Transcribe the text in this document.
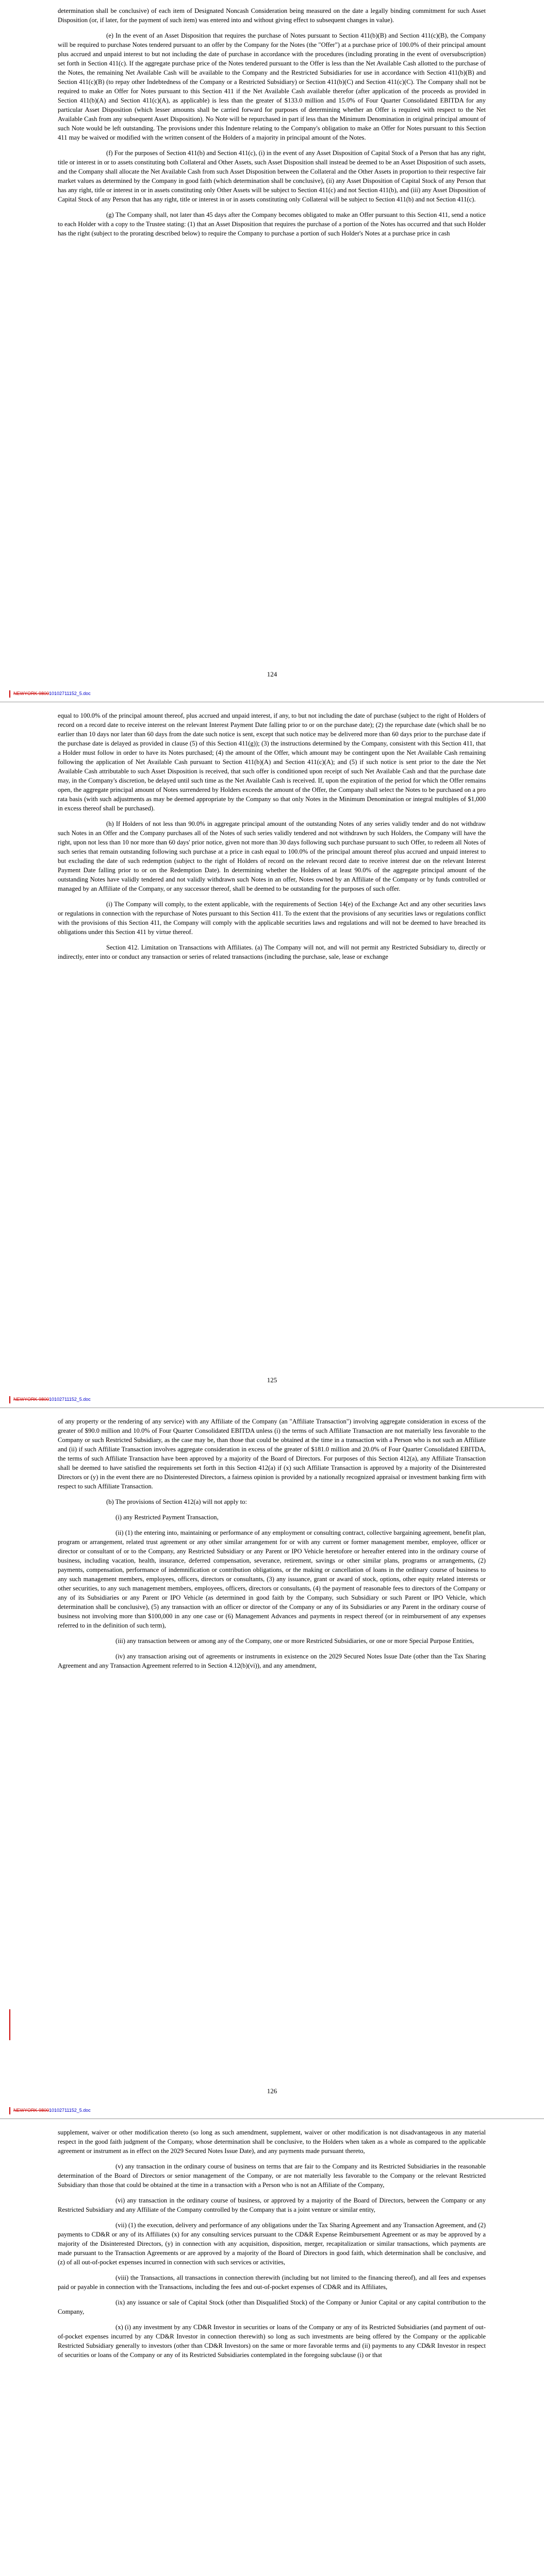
determination shall be conclusive) of each item of Designated Noncash Consideration being measured on the date a legally binding commitment for such Asset Disposition (or, if later, for the payment of such item) was entered into and without giving effect to subsequent changes in value).

(e) In the event of an Asset Disposition that requires the purchase of Notes pursuant to Section 411(b)(B) and Section 411(c)(B), the Company will be required to purchase Notes tendered pursuant to an offer by the Company for the Notes (the "Offer") at a purchase price of 100.0% of their principal amount plus accrued and unpaid interest to but not including the date of purchase in accordance with the procedures (including prorating in the event of oversubscription) set forth in Section 411(c). If the aggregate purchase price of the Notes tendered pursuant to the Offer is less than the Net Available Cash allotted to the purchase of the Notes, the remaining Net Available Cash will be available to the Company and the Restricted Subsidiaries for use in accordance with Section 411(b)(B) and Section 411(c)(B) (to repay other Indebtedness of the Company or a Restricted Subsidiary) or Section 411(b)(C) and Section 411(c)(C). The Company shall not be required to make an Offer for Notes pursuant to this Section 411 if the Net Available Cash available therefor (after application of the proceeds as provided in Section 411(b)(A) and Section 411(c)(A), as applicable) is less than the greater of $133.0 million and 15.0% of Four Quarter Consolidated EBITDA for any particular Asset Disposition (which lesser amounts shall be carried forward for purposes of determining whether an Offer is required with respect to the Net Available Cash from any subsequent Asset Disposition). No Note will be repurchased in part if less than the Minimum Denomination in original principal amount of such Note would be left outstanding. The provisions under this Indenture relating to the Company's obligation to make an Offer for Notes pursuant to this Section 411 may be waived or modified with the written consent of the Holders of a majority in principal amount of the Notes.

(f) For the purposes of Section 411(b) and Section 411(c), (i) in the event of any Asset Disposition of Capital Stock of a Person that has any right, title or interest in or to assets constituting both Collateral and Other Assets, such Asset Disposition shall instead be deemed to be an Asset Disposition of such assets, and the Company shall allocate the Net Available Cash from such Asset Disposition between the Collateral and the Other Assets in proportion to their respective fair market values as determined by the Company in good faith (which determination shall be conclusive), (ii) any Asset Disposition of Capital Stock of any Person that has any right, title or interest in or in assets constituting only Other Assets will be subject to Section 411(c) and not Section 411(b), and (iii) any Asset Disposition of Capital Stock of any Person that has any right, title or interest in or in assets constituting only Collateral will be subject to Section 411(b) and not Section 411(c).

(g) The Company shall, not later than 45 days after the Company becomes obligated to make an Offer pursuant to this Section 411, send a notice to each Holder with a copy to the Trustee stating: (1) that an Asset Disposition that requires the purchase of a portion of the Notes has occurred and that such Holder has the right (subject to the prorating described below) to require the Company to purchase a portion of such Holder's Notes at a purchase price in cash

124
NEWYORK 980010102711152_5.doc

equal to 100.0% of the principal amount thereof, plus accrued and unpaid interest, if any, to but not including the date of purchase (subject to the right of Holders of record on a record date to receive interest on the relevant Interest Payment Date falling prior to or on the purchase date); (2) the repurchase date (which shall be no earlier than 10 days nor later than 60 days from the date such notice is sent, except that such notice may be delivered more than 60 days prior to the purchase date if the purchase date is delayed as provided in clause (5) of this Section 411(g)); (3) the instructions determined by the Company, consistent with this Section 411, that a Holder must follow in order to have its Notes purchased; (4) the amount of the Offer, which amount may be contingent upon the Net Available Cash remaining following the application of Net Available Cash pursuant to Section 411(b)(A) and Section 411(c)(A); and (5) if such notice is sent prior to the date the Net Available Cash attributable to such Asset Disposition is received, that such offer is conditioned upon receipt of such Net Available Cash and that the purchase date may, in the Company's discretion, be delayed until such time as the Net Available Cash is received. If, upon the expiration of the period for which the Offer remains open, the aggregate principal amount of Notes surrendered by Holders exceeds the amount of the Offer, the Company shall select the Notes to be purchased on a pro rata basis (with such adjustments as may be deemed appropriate by the Company so that only Notes in the Minimum Denomination or integral multiples of $1,000 in excess thereof shall be purchased).

(h) If Holders of not less than 90.0% in aggregate principal amount of the outstanding Notes of any series validly tender and do not withdraw such Notes in an Offer and the Company purchases all of the Notes of such series validly tendered and not withdrawn by such Holders, the Company will have the right, upon not less than 10 nor more than 60 days' prior notice, given not more than 30 days following such purchase pursuant to such Offer, to redeem all Notes of such series that remain outstanding following such purchase at a price in cash equal to 100.0% of the principal amount thereof plus accrued and unpaid interest to but excluding the date of such redemption (subject to the right of Holders of record on the relevant record date to receive interest due on the relevant Interest Payment Date falling prior to or on the Redemption Date). In determining whether the Holders of at least 90.0% of the aggregate principal amount of the outstanding Notes have validly tendered and not validly withdrawn such Notes in an offer, Notes owned by an Affiliate of the Company or by funds controlled or managed by an Affiliate of the Company, or any successor thereof, shall be deemed to be outstanding for the purposes of such offer.

(i) The Company will comply, to the extent applicable, with the requirements of Section 14(e) of the Exchange Act and any other securities laws or regulations in connection with the repurchase of Notes pursuant to this Section 411. To the extent that the provisions of any securities laws or regulations conflict with the provisions of this Section 411, the Company will comply with the applicable securities laws and regulations and will not be deemed to have breached its obligations under this Section 411 by virtue thereof.

Section 412. Limitation on Transactions with Affiliates. (a) The Company will not, and will not permit any Restricted Subsidiary to, directly or indirectly, enter into or conduct any transaction or series of related transactions (including the purchase, sale, lease or exchange

125
NEWYORK 980010102711152_5.doc

of any property or the rendering of any service) with any Affiliate of the Company (an "Affiliate Transaction") involving aggregate consideration in excess of the greater of $90.0 million and 10.0% of Four Quarter Consolidated EBITDA unless (i) the terms of such Affiliate Transaction are not materially less favorable to the Company or such Restricted Subsidiary, as the case may be, than those that could be obtained at the time in a transaction with a Person who is not such an Affiliate and (ii) if such Affiliate Transaction involves aggregate consideration in excess of the greater of $181.0 million and 20.0% of Four Quarter Consolidated EBITDA, the terms of such Affiliate Transaction have been approved by a majority of the Board of Directors. For purposes of this Section 412(a), any Affiliate Transaction shall be deemed to have satisfied the requirements set forth in this Section 412(a) if (x) such Affiliate Transaction is approved by a majority of the Disinterested Directors or (y) in the event there are no Disinterested Directors, a fairness opinion is provided by a nationally recognized appraisal or investment banking firm with respect to such Affiliate Transaction.

(b) The provisions of Section 412(a) will not apply to:

(i) any Restricted Payment Transaction,

(ii) (1) the entering into, maintaining or performance of any employment or consulting contract, collective bargaining agreement, benefit plan, program or arrangement, related trust agreement or any other similar arrangement for or with any current or former management member, employee, officer or director or consultant of or to the Company, any Restricted Subsidiary or any Parent or IPO Vehicle heretofore or hereafter entered into in the ordinary course of business, including vacation, health, insurance, deferred compensation, severance, retirement, savings or other similar plans, programs or arrangements, (2) payments, compensation, performance of indemnification or contribution obligations, or the making or cancellation of loans in the ordinary course of business to any such management members, employees, officers, directors or consultants, (3) any issuance, grant or award of stock, options, other equity related interests or other securities, to any such management members, employees, officers, directors or consultants, (4) the payment of reasonable fees to directors of the Company or any of its Subsidiaries or any Parent or IPO Vehicle (as determined in good faith by the Company, such Subsidiary or such Parent or IPO Vehicle, which determination shall be conclusive), (5) any transaction with an officer or director of the Company or any of its Subsidiaries or any Parent in the ordinary course of business not involving more than $100,000 in any one case or (6) Management Advances and payments in respect thereof (or in reimbursement of any expenses referred to in the definition of such term),

(iii) any transaction between or among any of the Company, one or more Restricted Subsidiaries, or one or more Special Purpose Entities,

(iv) any transaction arising out of agreements or instruments in existence on the 2029 Secured Notes Issue Date (other than the Tax Sharing Agreement and any Transaction Agreement referred to in Section 4.12(b)(vi)), and any amendment,

126
NEWYORK 980010102711152_5.doc

supplement, waiver or other modification thereto (so long as such amendment, supplement, waiver or other modification is not disadvantageous in any material respect in the good faith judgment of the Company, whose determination shall be conclusive, to the Holders when taken as a whole as compared to the applicable agreement or instrument as in effect on the 2029 Secured Notes Issue Date), and any payments made pursuant thereto,

(v) any transaction in the ordinary course of business on terms that are fair to the Company and its Restricted Subsidiaries in the reasonable determination of the Board of Directors or senior management of the Company, or are not materially less favorable to the Company or the relevant Restricted Subsidiary than those that could be obtained at the time in a transaction with a Person who is not an Affiliate of the Company,

(vi) any transaction in the ordinary course of business, or approved by a majority of the Board of Directors, between the Company or any Restricted Subsidiary and any Affiliate of the Company controlled by the Company that is a joint venture or similar entity,

(vii) (1) the execution, delivery and performance of any obligations under the Tax Sharing Agreement and any Transaction Agreement, and (2) payments to CD&R or any of its Affiliates (x) for any consulting services pursuant to the CD&R Expense Reimbursement Agreement or as may be approved by a majority of the Disinterested Directors, (y) in connection with any acquisition, disposition, merger, recapitalization or similar transactions, which payments are made pursuant to the Transaction Agreements or are approved by a majority of the Board of Directors in good faith, which determination shall be conclusive, and (z) of all out-of-pocket expenses incurred in connection with such services or activities,

(viii) the Transactions, all transactions in connection therewith (including but not limited to the financing thereof), and all fees and expenses paid or payable in connection with the Transactions, including the fees and out-of-pocket expenses of CD&R and its Affiliates,

(ix) any issuance or sale of Capital Stock (other than Disqualified Stock) of the Company or Junior Capital or any capital contribution to the Company,

(x) (i) any investment by any CD&R Investor in securities or loans of the Company or any of its Restricted Subsidiaries (and payment of out-of-pocket expenses incurred by any CD&R Investor in connection therewith) so long as such investments are being offered by the Company or the applicable Restricted Subsidiary generally to investors (other than CD&R Investors) on the same or more favorable terms and (ii) payments to any CD&R Investor in respect of securities or loans of the Company or any of its Restricted Subsidiaries contemplated in the foregoing subclause (i) or that
